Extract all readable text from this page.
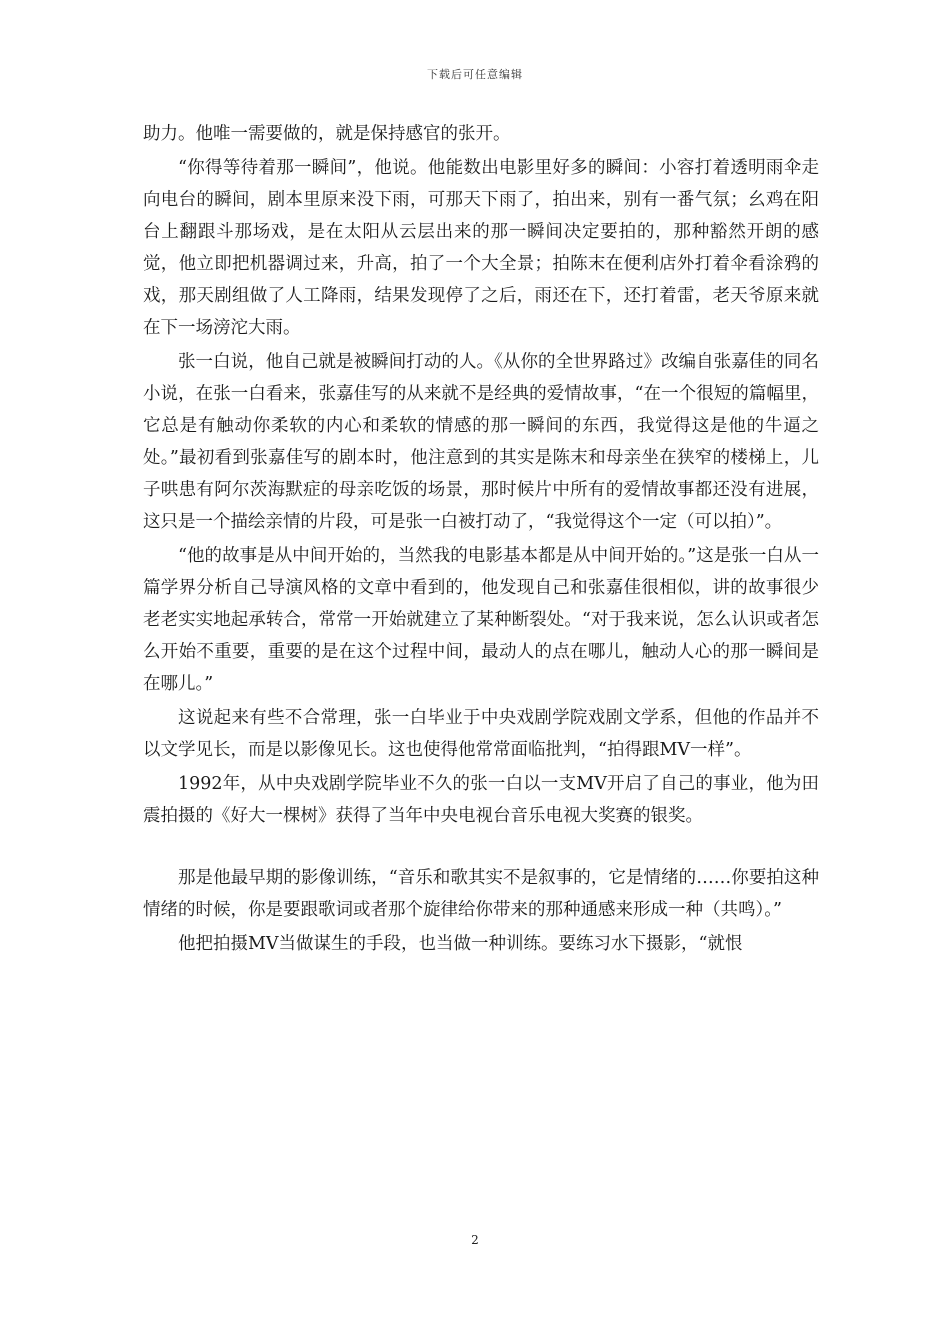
下载后可任意编辑

助力。他唯一需要做的，就是保持感官的张开。

“你得等待着那一瞬间”，他说。他能数出电影里好多的瞬间：小容打着透明雨伞走向电台的瞬间，剧本里原来没下雨，可那天下雨了，拍出来，别有一番气氛；幺鸡在阳台上翻跟斗那场戏，是在太阳从云层出来的那一瞬间决定要拍的，那种豁然开朗的感觉，他立即把机器调过来，升高，拍了一个大全景；拍陈末在便利店外打着伞看涂鸦的戏，那天剧组做了人工降雨，结果发现停了之后，雨还在下，还打着雷，老天爷原来就在下一场滂沱大雨。

张一白说，他自己就是被瞬间打动的人。《从你的全世界路过》改编自张嘉佳的同名小说，在张一白看来，张嘉佳写的从来就不是经典的爱情故事，“在一个很短的篇幅里，它总是有触动你柔软的内心和柔软的情感的那一瞬间的东西，我觉得这是他的牛逼之处。”最初看到张嘉佳写的剧本时，他注意到的其实是陈末和母亲坐在狭窄的楼梯上，儿子哄患有阿尔茨海默症的母亲吃饭的场景，那时候片中所有的爱情故事都还没有进展，这只是一个描绘亲情的片段，可是张一白被打动了，“我觉得这个一定（可以拍）”。

“他的故事是从中间开始的，当然我的电影基本都是从中间开始的。”这是张一白从一篇学界分析自己导演风格的文章中看到的，他发现自己和张嘉佳很相似，讲的故事很少老老实实地起承转合，常常一开始就建立了某种断裂处。“对于我来说，怎么认识或者怎么开始不重要，重要的是在这个过程中间，最动人的点在哪儿，触动人心的那一瞬间是在哪儿。”

这说起来有些不合常理，张一白毕业于中央戏剧学院戏剧文学系，但他的作品并不以文学见长，而是以影像见长。这也使得他常常面临批判，“拍得跟MV一样”。

1992年，从中央戏剧学院毕业不久的张一白以一支MV开启了自己的事业，他为田震拍摄的《好大一棵树》获得了当年中央电视台音乐电视大奖赛的银奖。

那是他最早期的影像训练，“音乐和歌其实不是叙事的，它是情绪的……你要拍这种情绪的时候，你是要跟歌词或者那个旋律给你带来的那种通感来形成一种（共鸣）。”

他把拍摄MV当做谋生的手段，也当做一种训练。要练习水下摄影，“就恨

2
